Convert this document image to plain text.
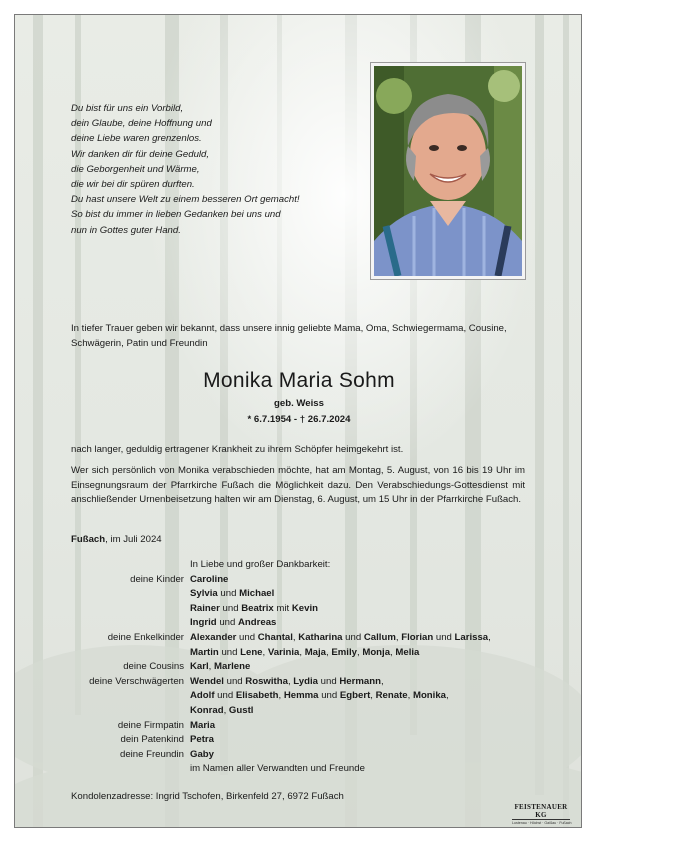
Du bist für uns ein Vorbild,
dein Glaube, deine Hoffnung und
deine Liebe waren grenzenlos.
Wir danken dir für deine Geduld,
die Geborgenheit und Wärme,
die wir bei dir spüren durften.
Du hast unsere Welt zu einem besseren Ort gemacht!
So bist du immer in lieben Gedanken bei uns und
nun in Gottes guter Hand.
In tiefer Trauer geben wir bekannt, dass unsere innig geliebte Mama, Oma, Schwiegermama, Cousine, Schwägerin, Patin und Freundin
Monika Maria Sohm
geb. Weiss
* 6.7.1954 - † 26.7.2024
nach langer, geduldig ertragener Krankheit zu ihrem Schöpfer heimgekehrt ist.
Wer sich persönlich von Monika verabschieden möchte, hat am Montag, 5. August, von 16 bis 19 Uhr im Einsegnungsraum der Pfarrkirche Fußach die Möglichkeit dazu. Den Verabschiedungs-Gottesdienst mit anschließender Urnenbeisetzung halten wir am Dienstag, 6. August, um 15 Uhr in der Pfarrkirche Fußach.
Fußach, im Juli 2024
In Liebe und großer Dankbarkeit:
deine Kinder Caroline
Sylvia und Michael
Rainer und Beatrix mit Kevin
Ingrid und Andreas
deine Enkelkinder Alexander und Chantal, Katharina und Callum, Florian und Larissa,
Martin und Lene, Varinia, Maja, Emily, Monja, Melia
deine Cousins Karl, Marlene
deine Verschwägerten Wendel und Roswitha, Lydia und Hermann,
Adolf und Elisabeth, Hemma und Egbert, Renate, Monika,
Konrad, Gustl
deine Firmpatin Maria
dein Patenkind Petra
deine Freundin Gaby
im Namen aller Verwandten und Freunde
Kondolenzadresse: Ingrid Tschofen, Birkenfeld 27, 6972 Fußach
FEISTENAUER KG
Lustenau · Höchst · Gaißau · Fußach
